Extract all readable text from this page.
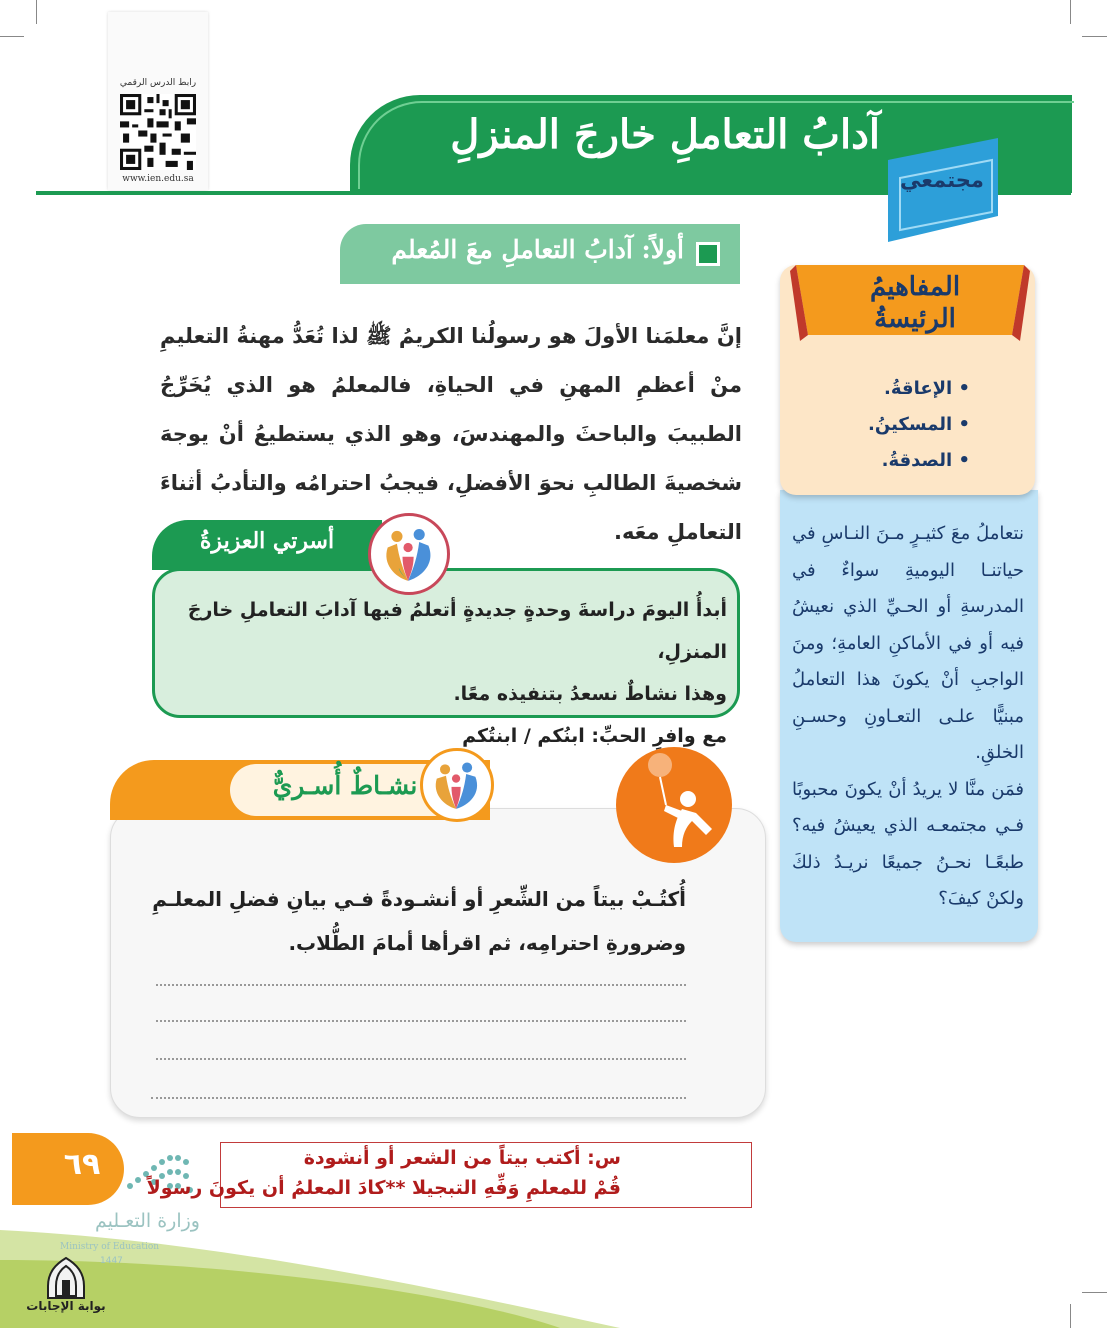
رابط الدرس الرقمي
www.ien.edu.sa
آدابُ التعاملِ خارجَ المنزلِ
مجتمعي
أولاً: آدابُ التعاملِ معَ المُعلم
إنَّ معلمَنا الأولَ هو رسولُنا الكريمُ ﷺ لذا تُعَدُّ مهنةُ التعليمِ منْ أعظمِ المهنِ في الحياةِ، فالمعلمُ هو الذي يُخَرِّجُ الطبيبَ والباحثَ والمهندسَ، وهو الذي يستطيعُ أنْ يوجهَ شخصيةَ الطالبِ نحوَ الأفضلِ، فيجبُ احترامُه والتأدبُ أثناءَ التعاملِ معَه.
أبدأُ اليومَ دراسةَ وحدةٍ جديدةٍ أتعلمُ فيها آدابَ التعاملِ خارجَ المنزلِ،
وهذا نشاطٌ نسعدُ بتنفيذه معًا.
مع وافرِ الحبِّ: ابنُكم / ابنتُكم
أسرتي العزيزةُ
أُكتُـبْ بيتاً من الشِّعرِ أو أنشـودةً فـي بيانِ فضلِ المعلـمِ وضرورةِ احترامِه، ثم اقرأها أمامَ الطُّلاب.
نشـاطٌ أُسـريٌّ
نتعاملُ معَ كثيـرٍ مـنَ النـاسِ في حياتنـا اليوميةِ سواءٌ في المدرسةِ أو الحـيِّ الذي نعيشُ فيه أو في الأماكنِ العامةِ؛ ومنَ الواجبِ أنْ يكونَ هذا التعاملُ مبنيًّا علـى التعـاونِ وحسـنِ الخلقِ.
فمَن منَّا لا يريدُ أنْ يكونَ محبوبًا فـي مجتمعـه الذي يعيشُ فيه؟ طبعًـا نحـنُ جميعًا نريـدُ ذلكَ ولكنْ كيفَ؟
المفاهيمُ
الرئيسةُ
• الإعاقةُ.
• المسكينُ.
• الصدقةُ.
٦٩
وزارة التعـليم
Ministry of Education
1447
بوابة الإجابات
س: أكتب بيتاً من الشعر أو أنشودة
قُمْ للمعلمِ وَفِّهِ التبجيلا **كادَ المعلمُ أن يكونَ رسولاً
